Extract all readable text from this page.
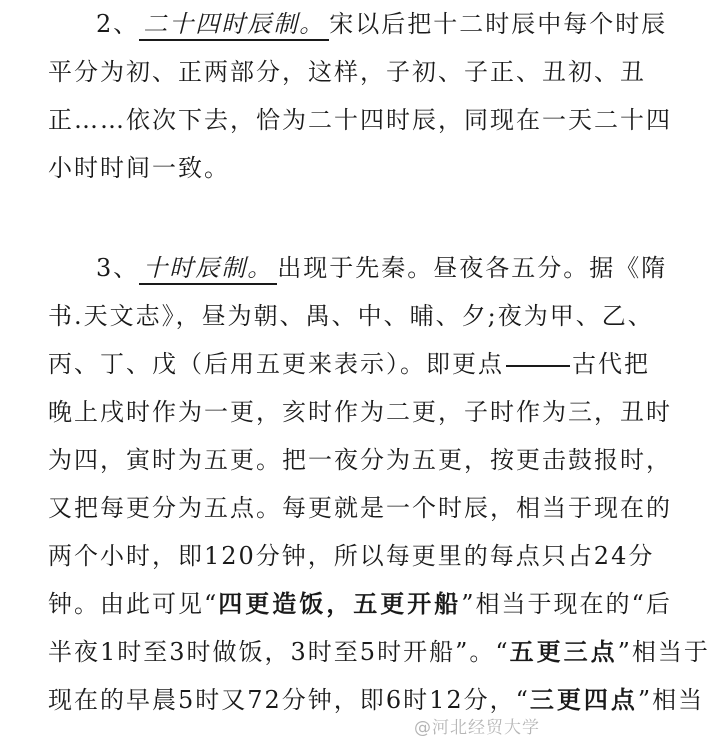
2、 二十四时辰制。 宋以后把十二时辰中每个时辰
平分为初、正两部分，这样，子初、子正、丑初、丑
正……依次下去，恰为二十四时辰，同现在一天二十四
小时时间一致。
3、 十时辰制。 出现于先秦。昼夜各五分。据《隋
书.天文志》，昼为朝、禺、中、晡、夕;夜为甲、乙、
丙、丁、戊（后用五更来表示）。即更点	古代把
晚上戌时作为一更，亥时作为二更，子时作为三，丑时
为四，寅时为五更。把一夜分为五更，按更击鼓报时，
又把每更分为五点。每更就是一个时辰，相当于现在的
两个小时，即120分钟，所以每更里的每点只占24分
钟。由此可见“四更造饭，五更开船”相当于现在的“后
半夜1时至3时做饭，3时至5时开船”。“五更三点”相当于
现在的早晨5时又72分钟，即6时12分，“三更四点”相当
@河北经贸大学
